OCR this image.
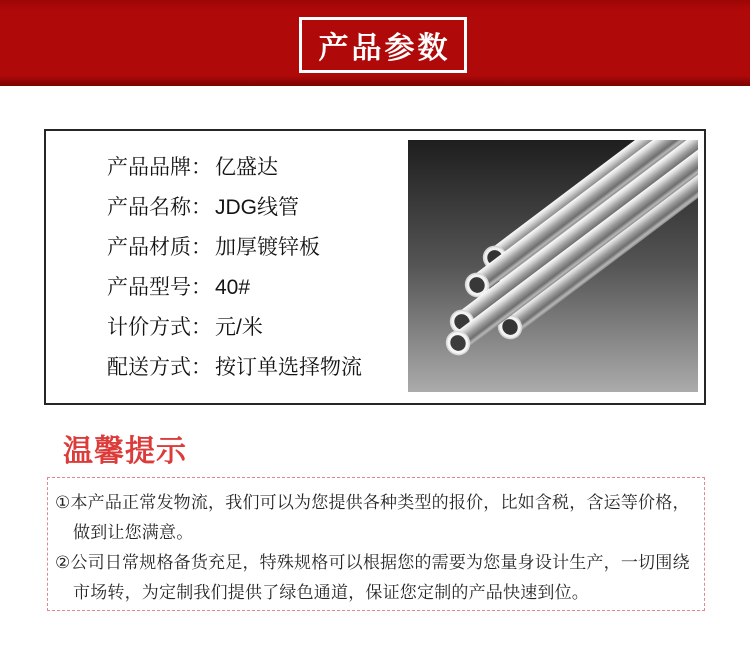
产品参数
产品品牌： 亿盛达
产品名称： JDG线管
产品材质： 加厚镀锌板
产品型号： 40#
计价方式： 元/米
配送方式： 按订单选择物流
温馨提示

①本产品正常发物流，我们可以为您提供各种类型的报价，比如含税，含运等价格，做到让您满意。

②公司日常规格备货充足，特殊规格可以根据您的需要为您量身设计生产，一切围绕市场转，为定制我们提供了绿色通道，保证您定制的产品快速到位。
